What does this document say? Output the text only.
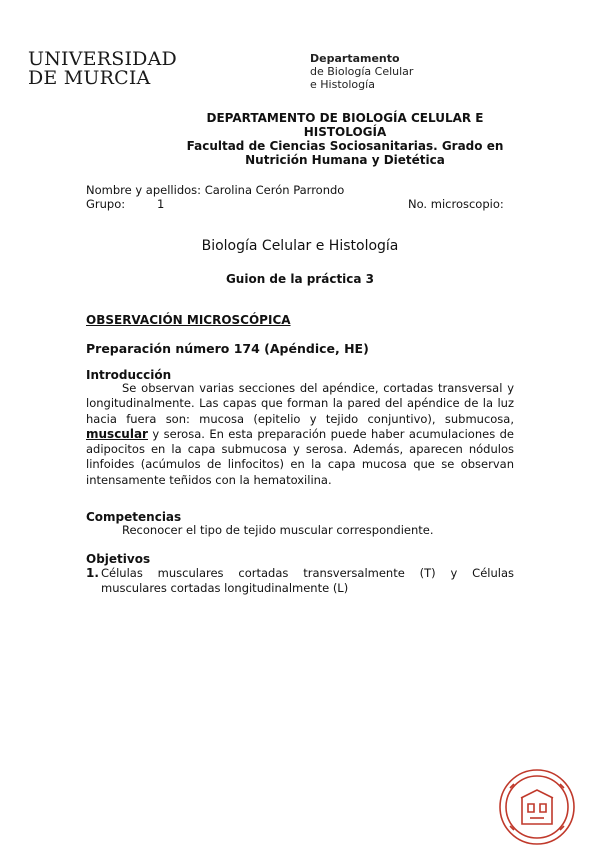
UNIVERSIDAD
DE MURCIA
Departamento
de Biología Celular
e Histología
DEPARTAMENTO DE BIOLOGÍA CELULAR E
HISTOLOGÍA
Facultad de Ciencias Sociosanitarias. Grado en
Nutrición Humana y Dietética
Nombre y apellidos: Carolina Cerón Parrondo
Grupo:	1	No. microscopio:
Biología Celular e Histología
Guion de la práctica 3
OBSERVACIÓN MICROSCÓPICA
Preparación número 174 (Apéndice, HE)
Introducción
Se observan varias secciones del apéndice, cortadas transversal y longitudinalmente. Las capas que forman la pared del apéndice de la luz hacia fuera son: mucosa (epitelio y tejido conjuntivo), submucosa, muscular y serosa. En esta preparación puede haber acumulaciones de adipocitos en la capa submucosa y serosa. Además, aparecen nódulos linfoides (acúmulos de linfocitos) en la capa mucosa que se observan intensamente teñidos con la hematoxilina.
Competencias
Reconocer el tipo de tejido muscular correspondiente.
Objetivos
1. Células musculares cortadas transversalmente (T) y Células musculares cortadas longitudinalmente (L)
